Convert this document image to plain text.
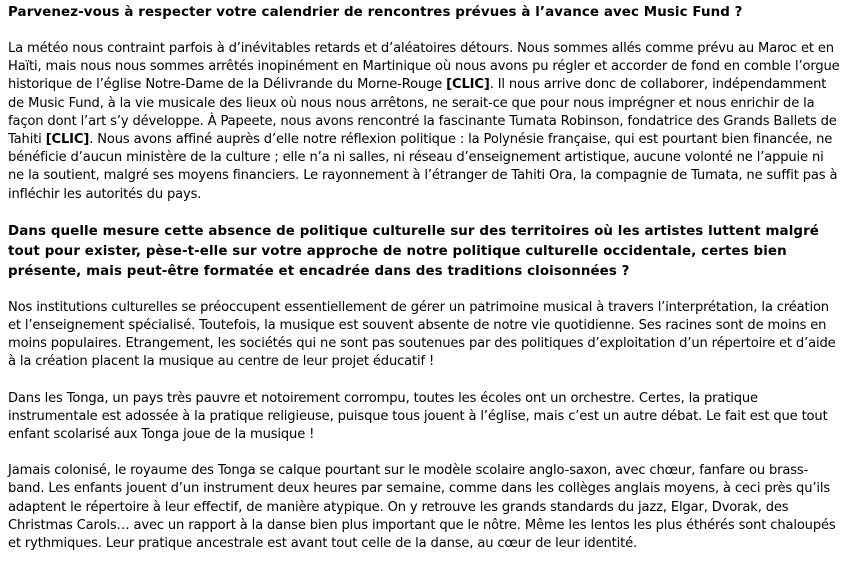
Parvenez-vous à respecter votre calendrier de rencontres prévues à l’avance avec Music Fund ?
La météo nous contraint parfois à d’inévitables retards et d’aléatoires détours. Nous sommes allés comme prévu au Maroc et en Haïti, mais nous nous sommes arrêtés inopinément en Martinique où nous avons pu régler et accorder de fond en comble l’orgue historique de l’église Notre-Dame de la Délivrande du Morne-Rouge [CLIC]. Il nous arrive donc de collaborer, indépendamment de Music Fund, à la vie musicale des lieux où nous nous arrêtons, ne serait-ce que pour nous imprégner et nous enrichir de la façon dont l’art s’y développe. À Papeete, nous avons rencontré la fascinante Tumata Robinson, fondatrice des Grands Ballets de Tahiti [CLIC]. Nous avons affiné auprès d’elle notre réflexion politique : la Polynésie française, qui est pourtant bien financée, ne bénéficie d’aucun ministère de la culture ; elle n’a ni salles, ni réseau d’enseignement artistique, aucune volonté ne l’appuie ni ne la soutient, malgré ses moyens financiers. Le rayonnement à l’étranger de Tahiti Ora, la compagnie de Tumata, ne suffit pas à infléchir les autorités du pays.
Dans quelle mesure cette absence de politique culturelle sur des territoires où les artistes luttent malgré tout pour exister, pèse-t-elle sur votre approche de notre politique culturelle occidentale, certes bien présente, mais peut-être formatée et encadrée dans des traditions cloisonnées ?
Nos institutions culturelles se préoccupent essentiellement de gérer un patrimoine musical à travers l’interprétation, la création et l’enseignement spécialisé. Toutefois, la musique est souvent absente de notre vie quotidienne. Ses racines sont de moins en moins populaires. Etrangement, les sociétés qui ne sont pas soutenues par des politiques d’exploitation d’un répertoire et d’aide à la création placent la musique au centre de leur projet éducatif !
Dans les Tonga, un pays très pauvre et notoirement corrompu, toutes les écoles ont un orchestre. Certes, la pratique instrumentale est adossée à la pratique religieuse, puisque tous jouent à l’église, mais c’est un autre débat. Le fait est que tout enfant scolarisé aux Tonga joue de la musique !
Jamais colonisé, le royaume des Tonga se calque pourtant sur le modèle scolaire anglo-saxon, avec chœur, fanfare ou brass-band. Les enfants jouent d’un instrument deux heures par semaine, comme dans les collèges anglais moyens, à ceci près qu’ils adaptent le répertoire à leur effectif, de manière atypique. On y retrouve les grands standards du jazz, Elgar, Dvorak, des Christmas Carols… avec un rapport à la danse bien plus important que le nôtre. Même les lentos les plus éthérés sont chaloupés et rythmiques. Leur pratique ancestrale est avant tout celle de la danse, au cœur de leur identité.
